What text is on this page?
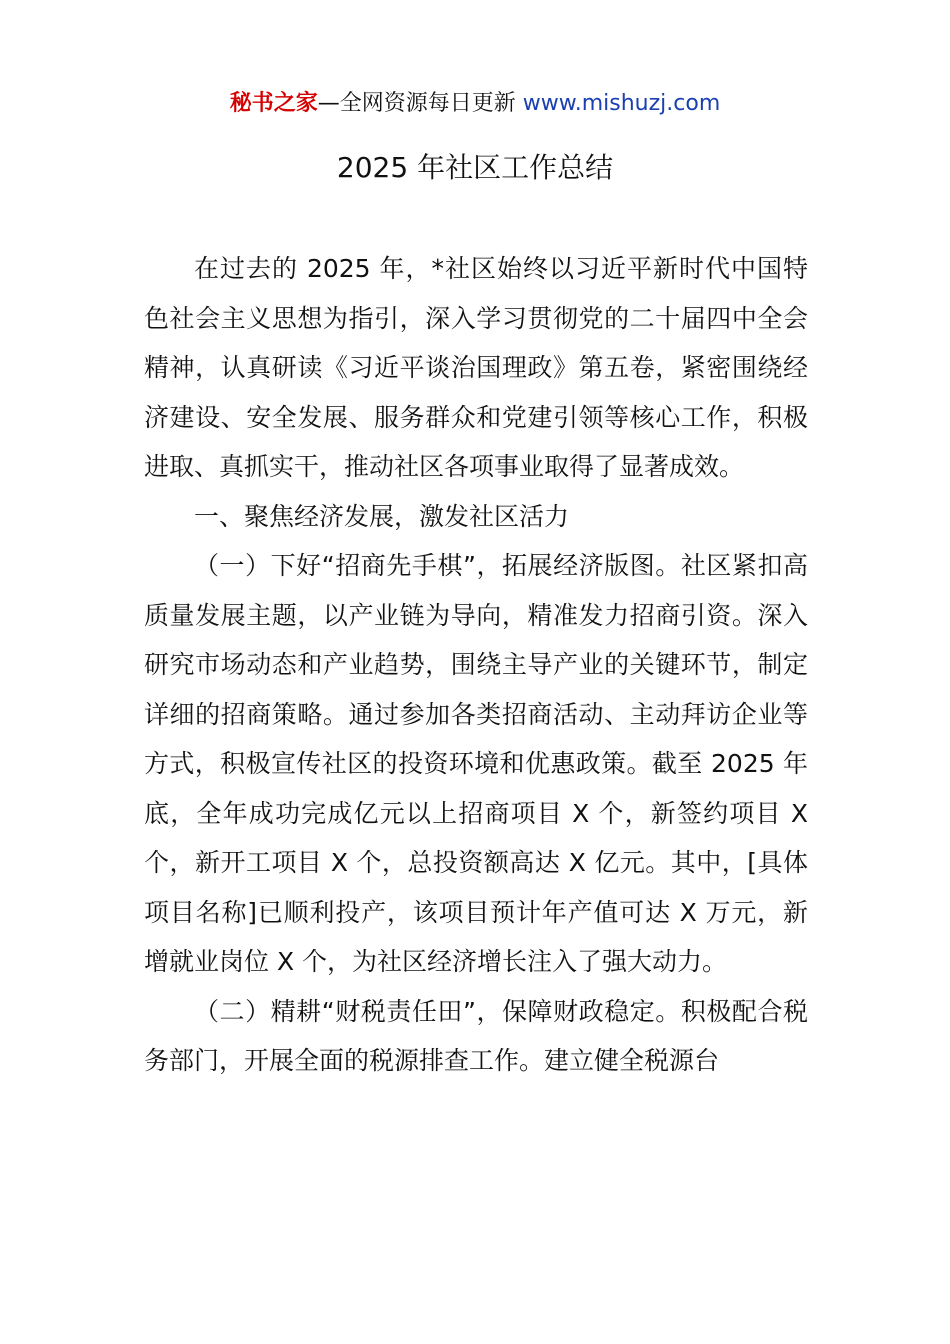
秘书之家—全网资源每日更新 www.mishuzj.com
2025 年社区工作总结

在过去的 2025 年，*社区始终以习近平新时代中国特色社会主义思想为指引，深入学习贯彻党的二十届四中全会精神，认真研读《习近平谈治国理政》第五卷，紧密围绕经济建设、安全发展、服务群众和党建引领等核心工作，积极进取、真抓实干，推动社区各项事业取得了显著成效。

一、聚焦经济发展，激发社区活力

（一）下好“招商先手棋”，拓展经济版图。社区紧扣高质量发展主题，以产业链为导向，精准发力招商引资。深入研究市场动态和产业趋势，围绕主导产业的关键环节，制定详细的招商策略。通过参加各类招商活动、主动拜访企业等方式，积极宣传社区的投资环境和优惠政策。截至 2025 年底，全年成功完成亿元以上招商项目 X 个，新签约项目 X 个，新开工项目 X 个，总投资额高达 X 亿元。其中，[具体项目名称]已顺利投产，该项目预计年产值可达 X 万元，新增就业岗位 X 个，为社区经济增长注入了强大动力。

（二）精耕“财税责任田”，保障财政稳定。积极配合税务部门，开展全面的税源排查工作。建立健全税源台
